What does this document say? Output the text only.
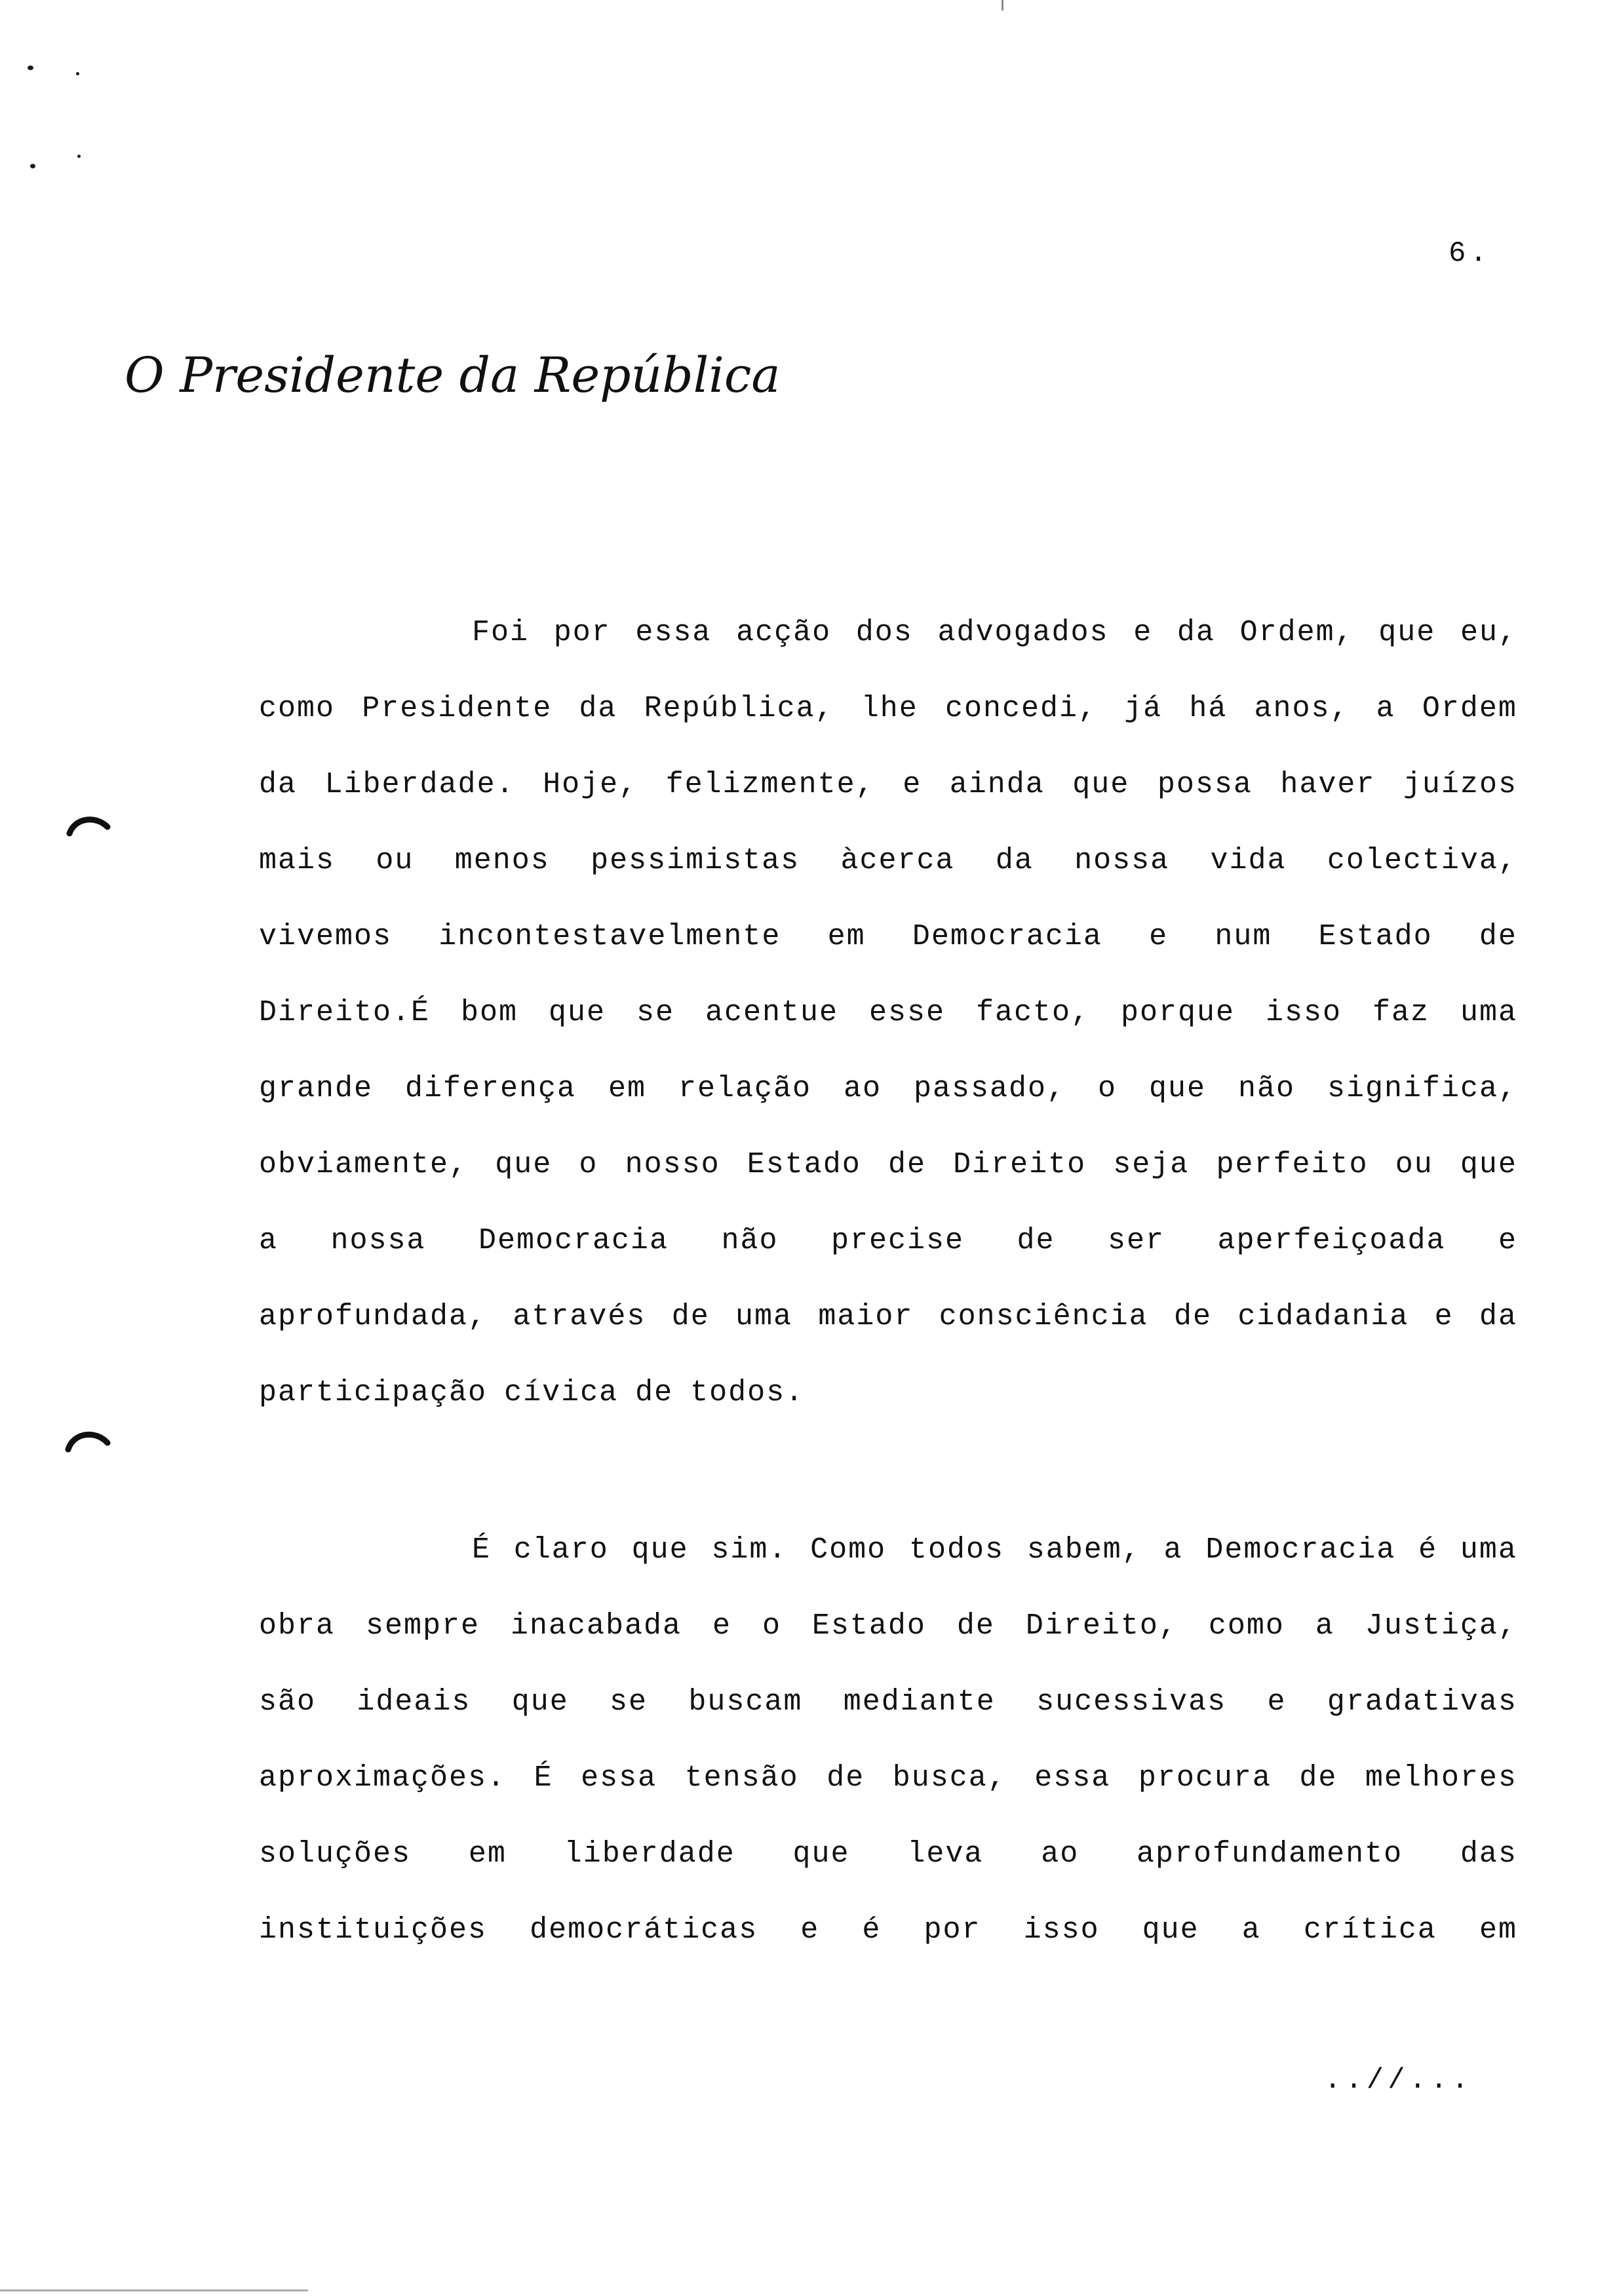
6.
O Presidente da República
Foi por essa acção dos advogados e da Ordem, que eu,
como Presidente da República, lhe concedi, já há anos, a Ordem
da Liberdade. Hoje, felizmente, e ainda que possa haver juízos
mais ou menos pessimistas àcerca da nossa vida colectiva,
vivemos incontestavelmente em Democracia e num Estado de
Direito.É bom que se acentue esse facto, porque isso faz uma
grande diferença em relação ao passado, o que não significa,
obviamente, que o nosso Estado de Direito seja perfeito ou que
a nossa Democracia não precise de ser aperfeiçoada e
aprofundada, através de uma maior consciência de cidadania e da
participação cívica de todos.
É claro que sim. Como todos sabem, a Democracia é uma
obra sempre inacabada e o Estado de Direito, como a Justiça,
são ideais que se buscam mediante sucessivas e gradativas
aproximações. É essa tensão de busca, essa procura de melhores
soluções em liberdade que leva ao aprofundamento das
instituições democráticas e é por isso que a crítica em
..//...
